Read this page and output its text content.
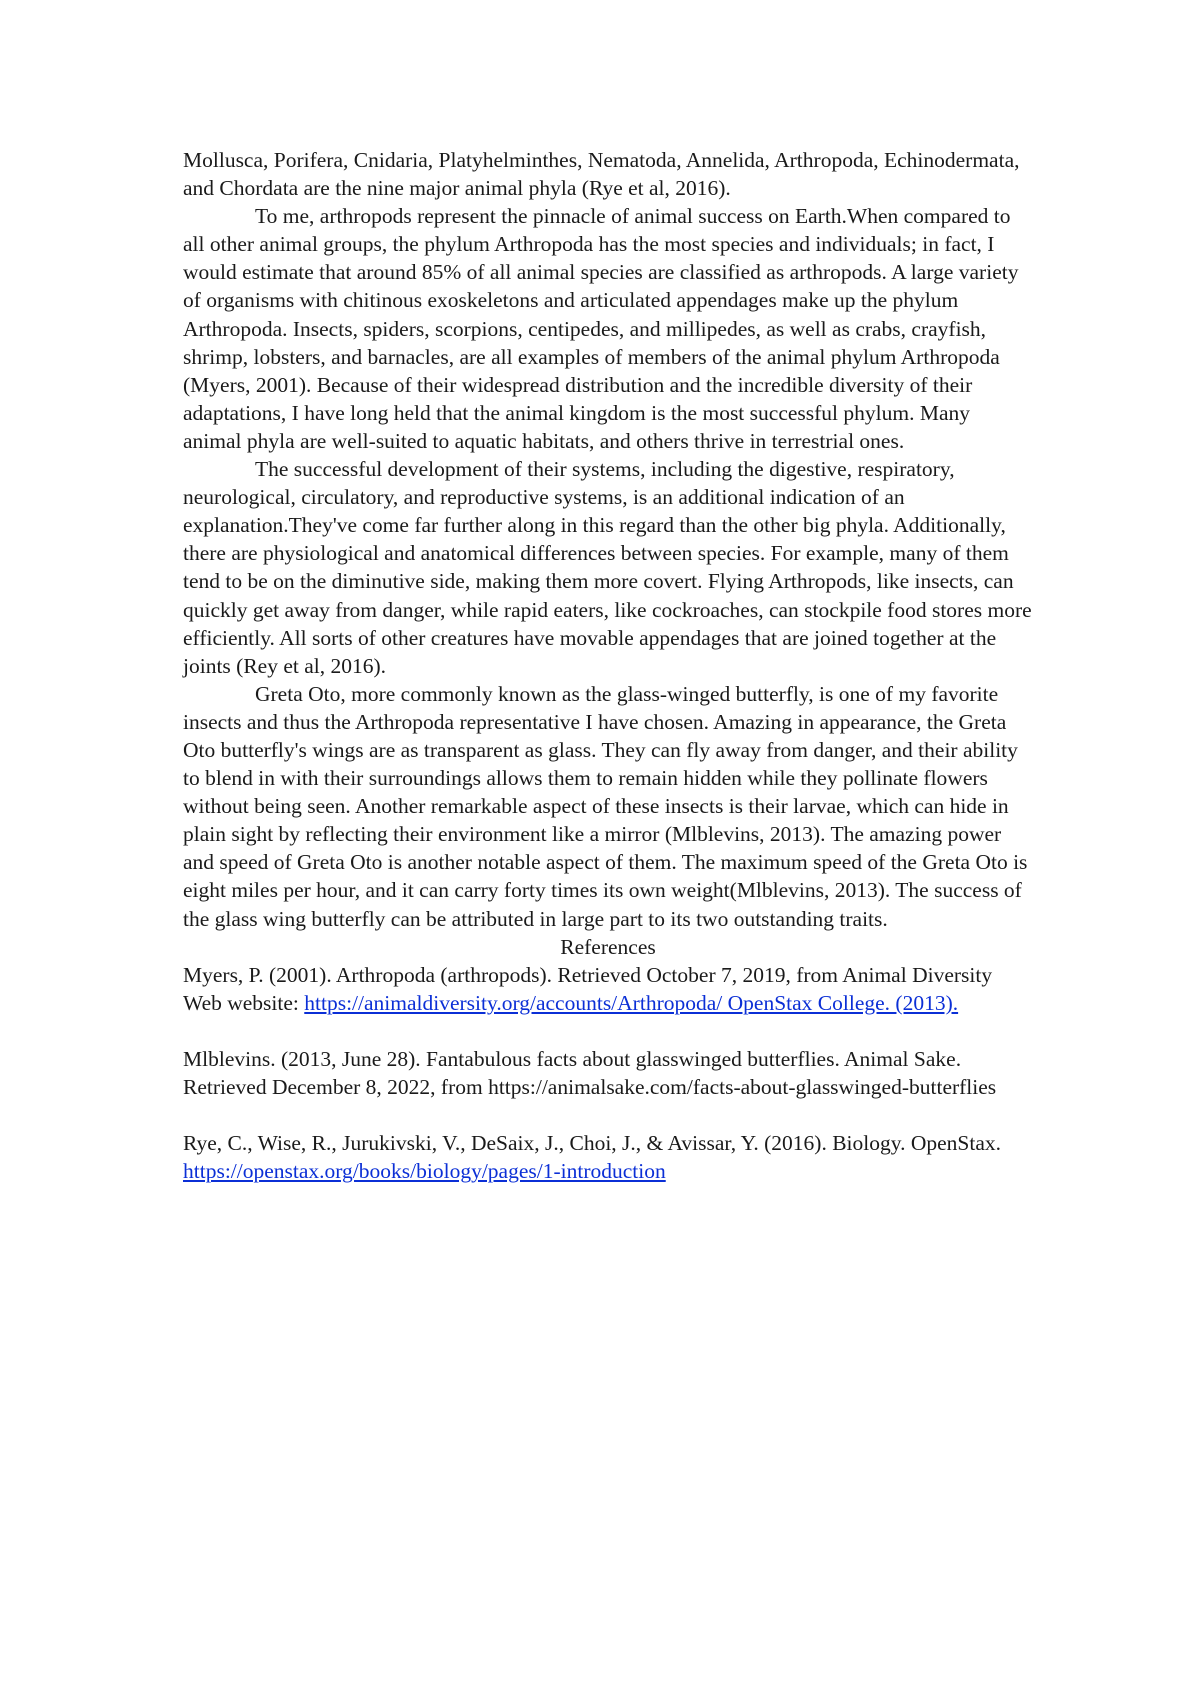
Mollusca, Porifera, Cnidaria, Platyhelminthes, Nematoda, Annelida, Arthropoda, Echinodermata, and Chordata are the nine major animal phyla (Rye et al, 2016).

To me, arthropods represent the pinnacle of animal success on Earth.When compared to all other animal groups, the phylum Arthropoda has the most species and individuals; in fact, I would estimate that around 85% of all animal species are classified as arthropods. A large variety of organisms with chitinous exoskeletons and articulated appendages make up the phylum Arthropoda. Insects, spiders, scorpions, centipedes, and millipedes, as well as crabs, crayfish, shrimp, lobsters, and barnacles, are all examples of members of the animal phylum Arthropoda (Myers, 2001). Because of their widespread distribution and the incredible diversity of their adaptations, I have long held that the animal kingdom is the most successful phylum. Many animal phyla are well-suited to aquatic habitats, and others thrive in terrestrial ones.

The successful development of their systems, including the digestive, respiratory, neurological, circulatory, and reproductive systems, is an additional indication of an explanation.They've come far further along in this regard than the other big phyla. Additionally, there are physiological and anatomical differences between species. For example, many of them tend to be on the diminutive side, making them more covert. Flying Arthropods, like insects, can quickly get away from danger, while rapid eaters, like cockroaches, can stockpile food stores more efficiently. All sorts of other creatures have movable appendages that are joined together at the joints (Rey et al, 2016).

Greta Oto, more commonly known as the glass-winged butterfly, is one of my favorite insects and thus the Arthropoda representative I have chosen. Amazing in appearance, the Greta Oto butterfly's wings are as transparent as glass. They can fly away from danger, and their ability to blend in with their surroundings allows them to remain hidden while they pollinate flowers without being seen. Another remarkable aspect of these insects is their larvae, which can hide in plain sight by reflecting their environment like a mirror (Mlblevins, 2013). The amazing power and speed of Greta Oto is another notable aspect of them. The maximum speed of the Greta Oto is eight miles per hour, and it can carry forty times its own weight(Mlblevins, 2013). The success of the glass wing butterfly can be attributed in large part to its two outstanding traits.

References

Myers, P. (2001). Arthropoda (arthropods). Retrieved October 7, 2019, from Animal Diversity Web website: https://animaldiversity.org/accounts/Arthropoda/ OpenStax College. (2013).

Mlblevins. (2013, June 28). Fantabulous facts about glasswinged butterflies. Animal Sake. Retrieved December 8, 2022, from https://animalsake.com/facts-about-glasswinged-butterflies

Rye, C., Wise, R., Jurukivski, V., DeSaix, J., Choi, J., & Avissar, Y. (2016). Biology. OpenStax. https://openstax.org/books/biology/pages/1-introduction
